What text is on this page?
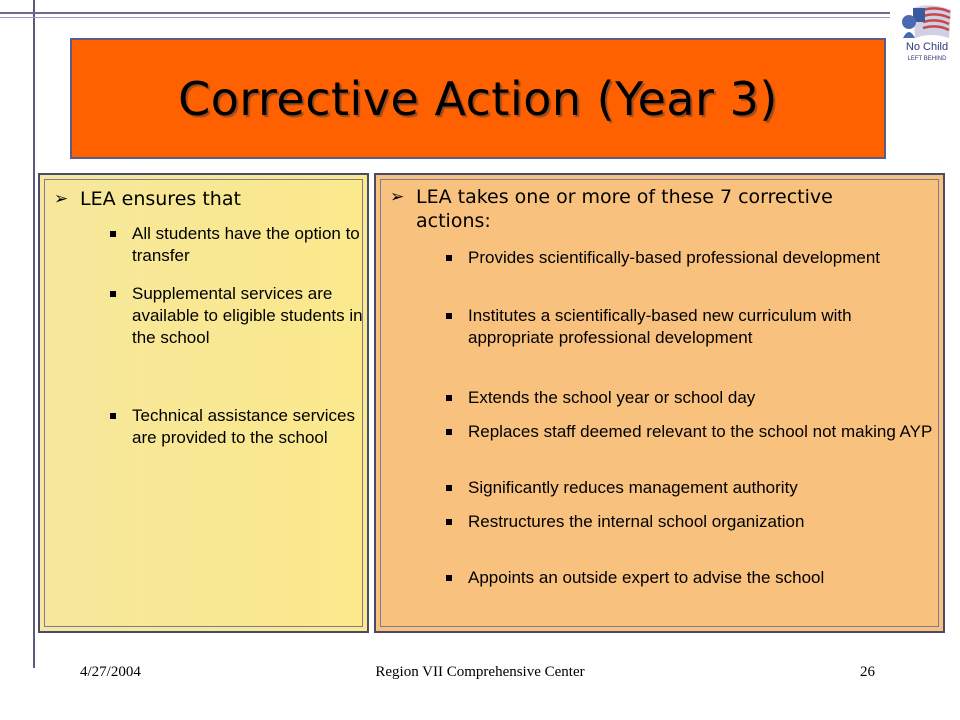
No Child
LEFT BEHIND
Corrective Action (Year 3)
➢ LEA ensures that
All students have the option to transfer
Supplemental services are available to eligible students in the school
Technical assistance services are provided to the school
➢ LEA takes one or more of these 7 corrective actions:
Provides scientifically-based professional development
Institutes a scientifically-based new curriculum with appropriate professional development
Extends the school year or school day
Replaces staff deemed relevant to the school not making AYP
Significantly reduces management authority
Restructures the internal school organization
Appoints an outside expert to advise the school
4/27/2004	Region VII Comprehensive Center	26
